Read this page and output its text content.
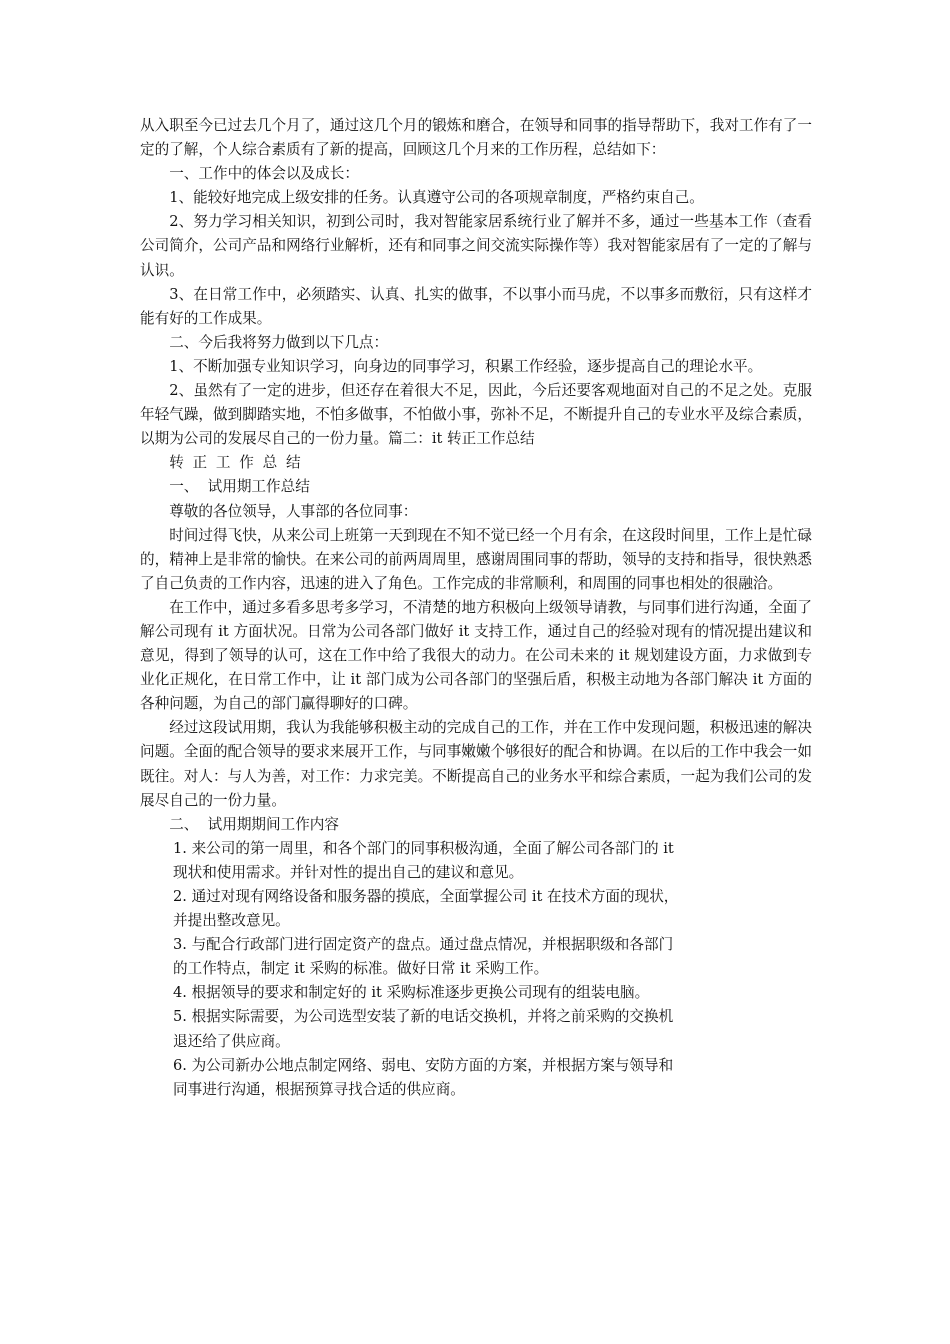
从入职至今已过去几个月了，通过这几个月的锻炼和磨合，在领导和同事的指导帮助下，我对工作有了一定的了解，个人综合素质有了新的提高，回顾这几个月来的工作历程，总结如下：

一、工作中的体会以及成长：

1、能较好地完成上级安排的任务。认真遵守公司的各项规章制度，严格约束自己。

2、努力学习相关知识，初到公司时，我对智能家居系统行业了解并不多，通过一些基本工作（查看公司简介，公司产品和网络行业解析，还有和同事之间交流实际操作等）我对智能家居有了一定的了解与认识。

3、在日常工作中，必须踏实、认真、扎实的做事，不以事小而马虎，不以事多而敷衍，只有这样才能有好的工作成果。

二、今后我将努力做到以下几点：

1、不断加强专业知识学习，向身边的同事学习，积累工作经验，逐步提高自己的理论水平。

2、虽然有了一定的进步，但还存在着很大不足，因此，今后还要客观地面对自己的不足之处。克服年轻气躁，做到脚踏实地，不怕多做事，不怕做小事，弥补不足，不断提升自己的专业水平及综合素质，以期为公司的发展尽自己的一份力量。篇二：it 转正工作总结

转正工作总结

一、  试用期工作总结

尊敬的各位领导，人事部的各位同事：

时间过得飞快，从来公司上班第一天到现在不知不觉已经一个月有余，在这段时间里，工作上是忙碌的，精神上是非常的愉快。在来公司的前两周周里，感谢周围同事的帮助，领导的支持和指导，很快熟悉了自己负责的工作内容，迅速的进入了角色。工作完成的非常顺利，和周围的同事也相处的很融洽。

在工作中，通过多看多思考多学习，不清楚的地方积极向上级领导请教，与同事们进行沟通，全面了解公司现有 it 方面状况。日常为公司各部门做好 it 支持工作，通过自己的经验对现有的情况提出建议和意见，得到了领导的认可，这在工作中给了我很大的动力。在公司未来的 it 规划建设方面，力求做到专业化正规化，在日常工作中，让 it 部门成为公司各部门的坚强后盾，积极主动地为各部门解决 it 方面的各种问题，为自己的部门赢得聊好的口碑。

经过这段试用期，我认为我能够积极主动的完成自己的工作，并在工作中发现问题，积极迅速的解决问题。全面的配合领导的要求来展开工作，与同事嫩嫩个够很好的配合和协调。在以后的工作中我会一如既往。对人：与人为善，对工作：力求完美。不断提高自己的业务水平和综合素质，一起为我们公司的发展尽自己的一份力量。

二、  试用期期间工作内容

1. 来公司的第一周里，和各个部门的同事积极沟通，全面了解公司各部门的 it
现状和使用需求。并针对性的提出自己的建议和意见。

2. 通过对现有网络设备和服务器的摸底，全面掌握公司 it 在技术方面的现状，
并提出整改意见。

3. 与配合行政部门进行固定资产的盘点。通过盘点情况，并根据职级和各部门
的工作特点，制定 it 采购的标准。做好日常 it 采购工作。

4. 根据领导的要求和制定好的 it 采购标准逐步更换公司现有的组装电脑。

5. 根据实际需要，为公司选型安装了新的电话交换机，并将之前采购的交换机
退还给了供应商。

6. 为公司新办公地点制定网络、弱电、安防方面的方案，并根据方案与领导和
同事进行沟通，根据预算寻找合适的供应商。
